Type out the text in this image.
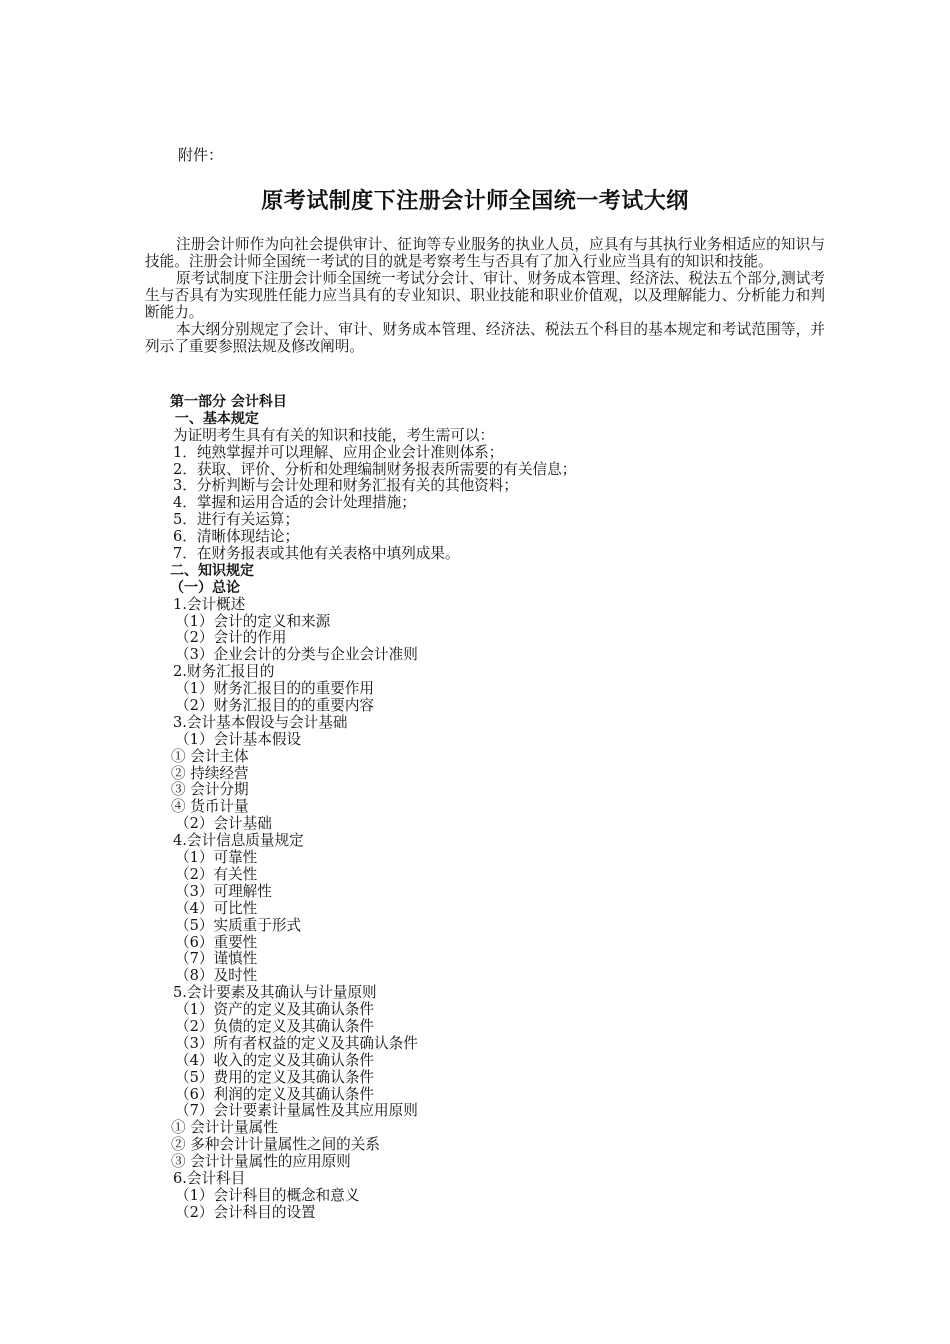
附件：
原考试制度下注册会计师全国统一考试大纲

注册会计师作为向社会提供审计、征询等专业服务的执业人员，应具有与其执行业务相适应的知识与技能。注册会计师全国统一考试的目的就是考察考生与否具有了加入行业应当具有的知识和技能。

原考试制度下注册会计师全国统一考试分会计、审计、财务成本管理、经济法、税法五个部分,测试考生与否具有为实现胜任能力应当具有的专业知识、职业技能和职业价值观，以及理解能力、分析能力和判断能力。

本大纲分别规定了会计、审计、财务成本管理、经济法、税法五个科目的基本规定和考试范围等，并列示了重要参照法规及修改阐明。

第一部分 会计科目
一、基本规定
为证明考生具有有关的知识和技能，考生需可以：
1．纯熟掌握并可以理解、应用企业会计准则体系；
2．获取、评价、分析和处理编制财务报表所需要的有关信息；
3．分析判断与会计处理和财务汇报有关的其他资料；
4．掌握和运用合适的会计处理措施；
5．进行有关运算；
6．清晰体现结论；
7．在财务报表或其他有关表格中填列成果。
二、知识规定
（一）总论
1.会计概述
（1）会计的定义和来源
（2）会计的作用
（3）企业会计的分类与企业会计准则
2.财务汇报目的
（1）财务汇报目的的重要作用
（2）财务汇报目的的重要内容
3.会计基本假设与会计基础
（1）会计基本假设
① 会计主体
② 持续经营
③ 会计分期
④ 货币计量
（2）会计基础
4.会计信息质量规定
（1）可靠性
（2）有关性
（3）可理解性
（4）可比性
（5）实质重于形式
（6）重要性
（7）谨慎性
（8）及时性
5.会计要素及其确认与计量原则
（1）资产的定义及其确认条件
（2）负债的定义及其确认条件
（3）所有者权益的定义及其确认条件
（4）收入的定义及其确认条件
（5）费用的定义及其确认条件
（6）利润的定义及其确认条件
（7）会计要素计量属性及其应用原则
① 会计计量属性
② 多种会计计量属性之间的关系
③ 会计计量属性的应用原则
6.会计科目
（1）会计科目的概念和意义
（2）会计科目的设置
